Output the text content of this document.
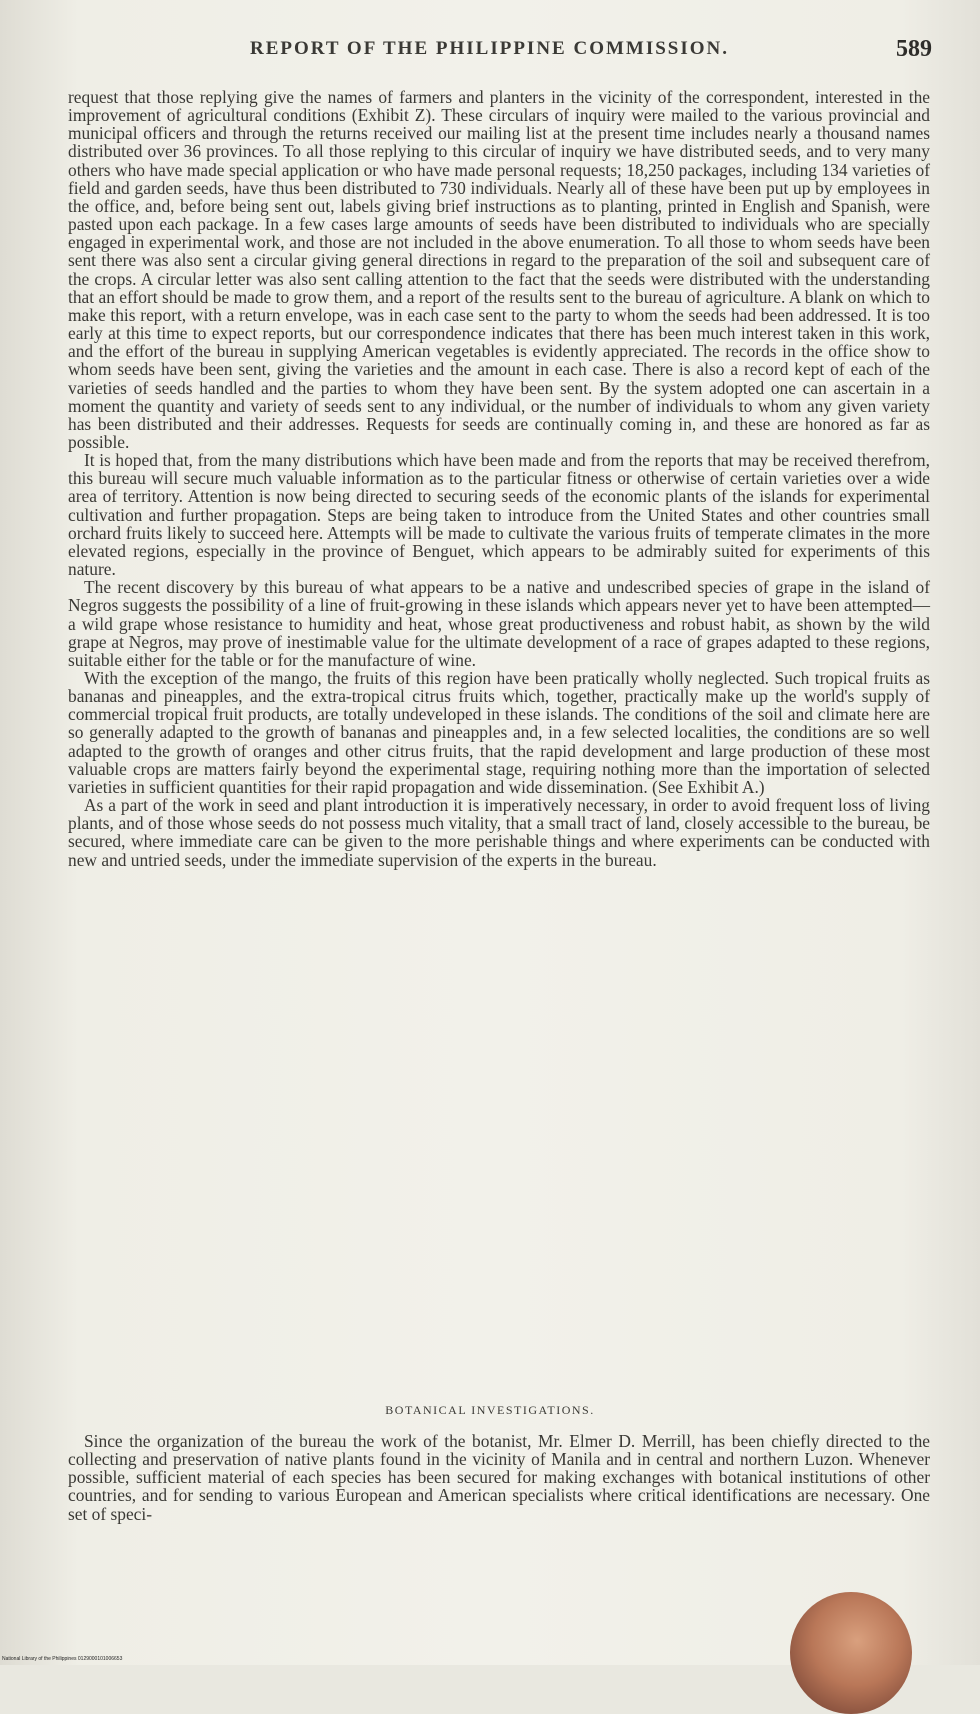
REPORT OF THE PHILIPPINE COMMISSION.	589

request that those replying give the names of farmers and planters in the vicinity of the correspondent, interested in the improvement of agricultural conditions (Exhibit Z). These circulars of inquiry were mailed to the various provincial and municipal officers and through the returns received our mailing list at the present time includes nearly a thousand names distributed over 36 provinces. To all those replying to this circular of inquiry we have distributed seeds, and to very many others who have made special application or who have made personal requests; 18,250 packages, including 134 varieties of field and garden seeds, have thus been distributed to 730 individuals. Nearly all of these have been put up by employees in the office, and, before being sent out, labels giving brief instructions as to planting, printed in English and Spanish, were pasted upon each package. In a few cases large amounts of seeds have been distributed to individuals who are specially engaged in experimental work, and those are not included in the above enumeration. To all those to whom seeds have been sent there was also sent a circular giving general directions in regard to the preparation of the soil and subsequent care of the crops. A circular letter was also sent calling attention to the fact that the seeds were distributed with the understanding that an effort should be made to grow them, and a report of the results sent to the bureau of agriculture. A blank on which to make this report, with a return envelope, was in each case sent to the party to whom the seeds had been addressed. It is too early at this time to expect reports, but our correspondence indicates that there has been much interest taken in this work, and the effort of the bureau in supplying American vegetables is evidently appreciated. The records in the office show to whom seeds have been sent, giving the varieties and the amount in each case. There is also a record kept of each of the varieties of seeds handled and the parties to whom they have been sent. By the system adopted one can ascertain in a moment the quantity and variety of seeds sent to any individual, or the number of individuals to whom any given variety has been distributed and their addresses. Requests for seeds are continually coming in, and these are honored as far as possible.

It is hoped that, from the many distributions which have been made and from the reports that may be received therefrom, this bureau will secure much valuable information as to the particular fitness or otherwise of certain varieties over a wide area of territory. Attention is now being directed to securing seeds of the economic plants of the islands for experimental cultivation and further propagation. Steps are being taken to introduce from the United States and other countries small orchard fruits likely to succeed here. Attempts will be made to cultivate the various fruits of temperate climates in the more elevated regions, especially in the province of Benguet, which appears to be admirably suited for experiments of this nature.

The recent discovery by this bureau of what appears to be a native and undescribed species of grape in the island of Negros suggests the possibility of a line of fruit-growing in these islands which appears never yet to have been attempted—a wild grape whose resistance to humidity and heat, whose great productiveness and robust habit, as shown by the wild grape at Negros, may prove of inestimable value for the ultimate development of a race of grapes adapted to these regions, suitable either for the table or for the manufacture of wine.

With the exception of the mango, the fruits of this region have been pratically wholly neglected. Such tropical fruits as bananas and pineapples, and the extra-tropical citrus fruits which, together, practically make up the world's supply of commercial tropical fruit products, are totally undeveloped in these islands. The conditions of the soil and climate here are so generally adapted to the growth of bananas and pineapples and, in a few selected localities, the conditions are so well adapted to the growth of oranges and other citrus fruits, that the rapid development and large production of these most valuable crops are matters fairly beyond the experimental stage, requiring nothing more than the importation of selected varieties in sufficient quantities for their rapid propagation and wide dissemination. (See Exhibit A.)

As a part of the work in seed and plant introduction it is imperatively necessary, in order to avoid frequent loss of living plants, and of those whose seeds do not possess much vitality, that a small tract of land, closely accessible to the bureau, be secured, where immediate care can be given to the more perishable things and where experiments can be conducted with new and untried seeds, under the immediate supervision of the experts in the bureau.

BOTANICAL INVESTIGATIONS.

Since the organization of the bureau the work of the botanist, Mr. Elmer D. Merrill, has been chiefly directed to the collecting and preservation of native plants found in the vicinity of Manila and in central and northern Luzon. Whenever possible, sufficient material of each species has been secured for making exchanges with botanical institutions of other countries, and for sending to various European and American specialists where critical identifications are necessary. One set of speci-

National Library of the Philippines 0129000101006653
